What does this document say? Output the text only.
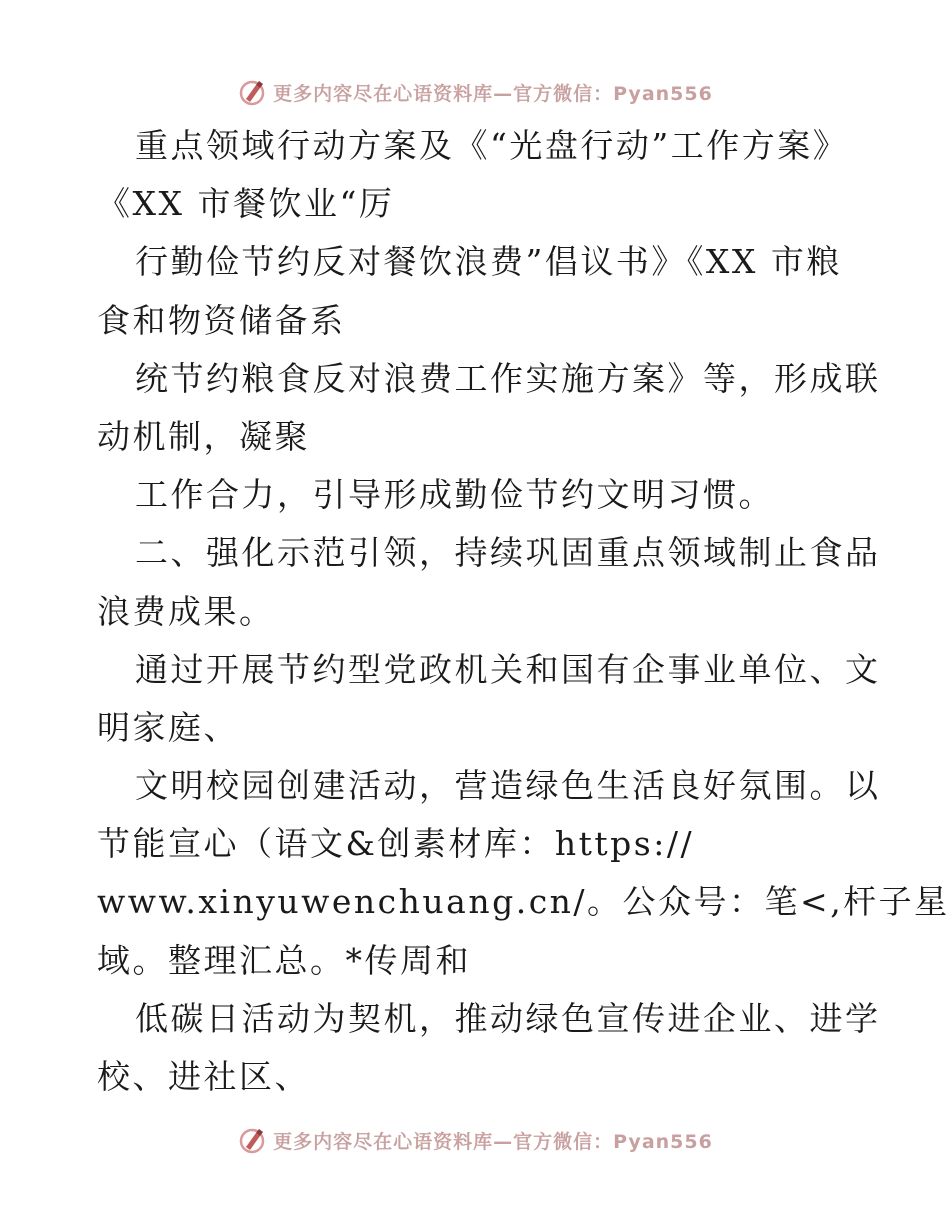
更多内容尽在心语资料库—官方微信：Pyan556
重点领域行动方案及《“光盘行动”工作方案》
《XX 市餐饮业“厉
行勤俭节约反对餐饮浪费”倡议书》《XX 市粮
食和物资储备系
统节约粮食反对浪费工作实施方案》等，形成联
动机制，凝聚
工作合力，引导形成勤俭节约文明习惯。
二、强化示范引领，持续巩固重点领域制止食品
浪费成果。
通过开展节约型党政机关和国有企事业单位、文
明家庭、
文明校园创建活动，营造绿色生活良好氛围。以
节能宣心（语文&创素材库：https://
www.xinyuwenchuang.cn/。公众号：笔<,杆子星
域。整理汇总。*传周和
低碳日活动为契机，推动绿色宣传进企业、进学
校、进社区、
更多内容尽在心语资料库—官方微信：Pyan556
